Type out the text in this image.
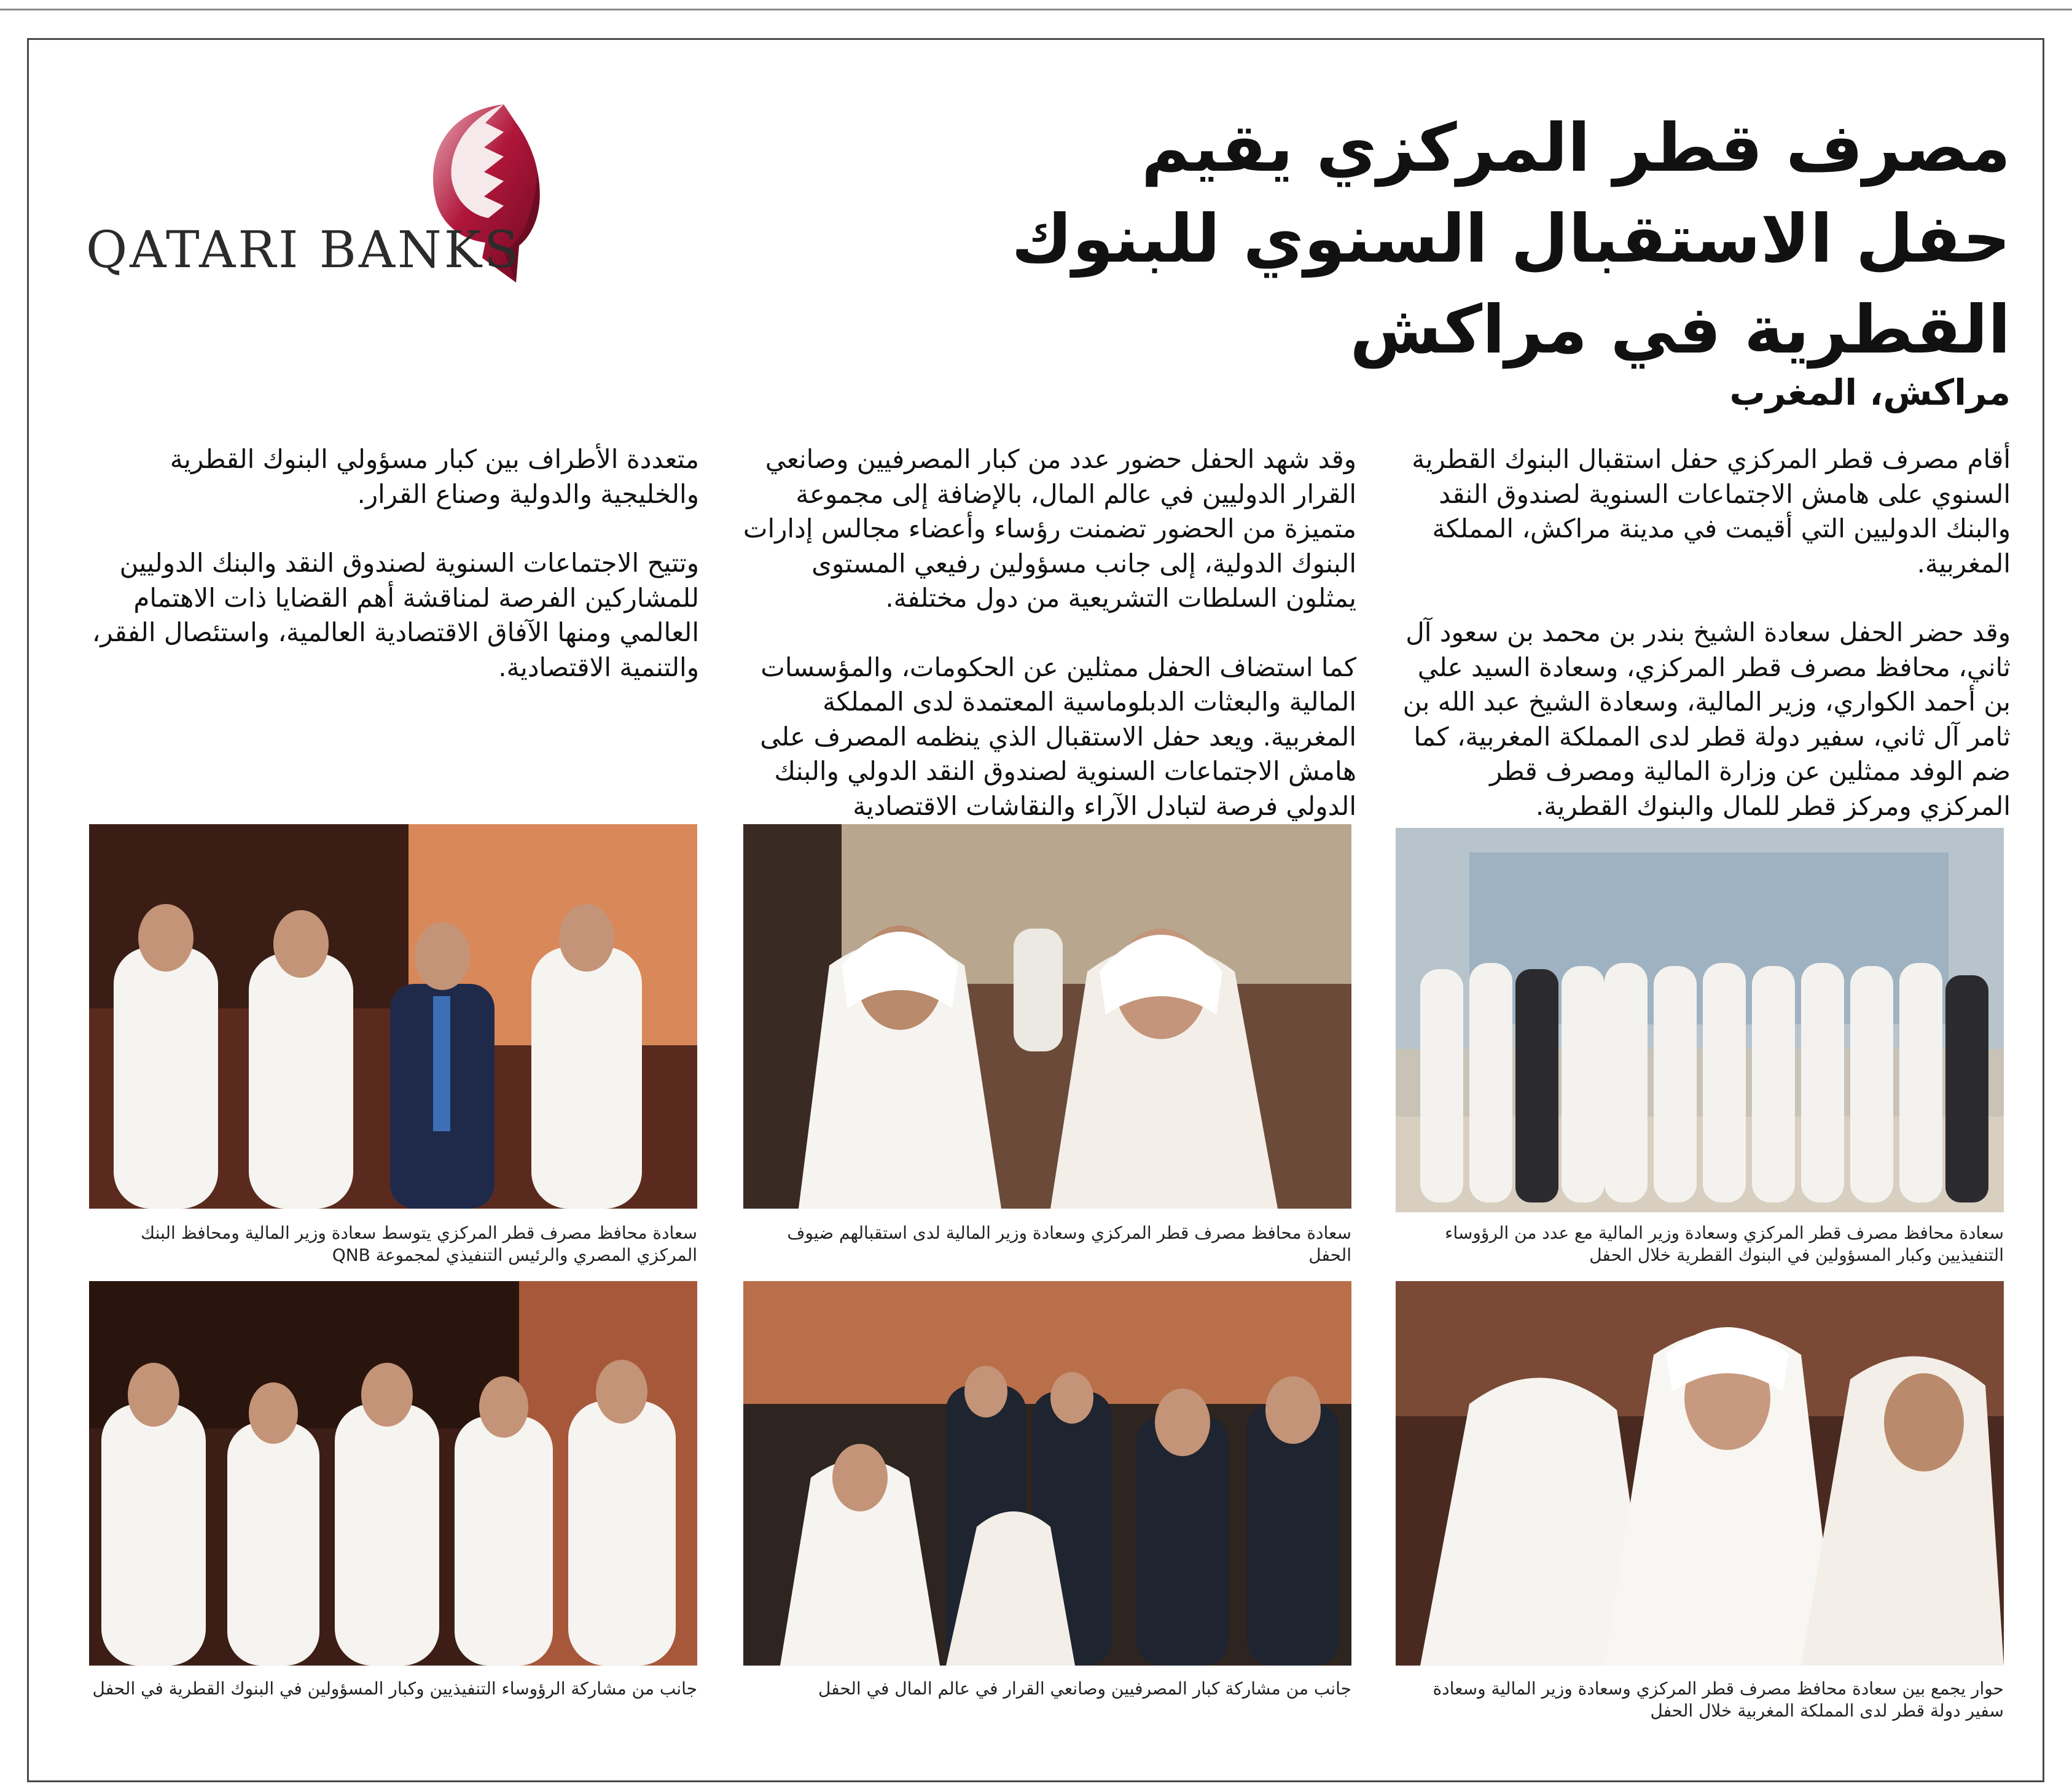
QATARI BANKS
مصرف قطر المركزي يقيم
حفل الاستقبال السنوي للبنوك
القطرية في مراكش
مراكش، المغرب

أقام مصرف قطر المركزي حفل استقبال البنوك القطرية السنوي على هامش الاجتماعات السنوية لصندوق النقد والبنك الدوليين التي أقيمت في مدينة مراكش، المملكة المغربية.

وقد حضر الحفل سعادة الشيخ بندر بن محمد بن سعود آل ثاني، محافظ مصرف قطر المركزي، وسعادة السيد علي بن أحمد الكواري، وزير المالية، وسعادة الشيخ عبد الله بن ثامر آل ثاني، سفير دولة قطر لدى المملكة المغربية، كما ضم الوفد ممثلين عن وزارة المالية ومصرف قطر المركزي ومركز قطر للمال والبنوك القطرية.

وقد شهد الحفل حضور عدد من كبار المصرفيين وصانعي القرار الدوليين في عالم المال، بالإضافة إلى مجموعة متميزة من الحضور تضمنت رؤساء وأعضاء مجالس إدارات البنوك الدولية، إلى جانب مسؤولين رفيعي المستوى يمثلون السلطات التشريعية من دول مختلفة.

كما استضاف الحفل ممثلين عن الحكومات، والمؤسسات المالية والبعثات الدبلوماسية المعتمدة لدى المملكة المغربية. ويعد حفل الاستقبال الذي ينظمه المصرف على هامش الاجتماعات السنوية لصندوق النقد الدولي والبنك الدولي فرصة لتبادل الآراء والنقاشات الاقتصادية

متعددة الأطراف بين كبار مسؤولي البنوك القطرية والخليجية والدولية وصناع القرار.

وتتيح الاجتماعات السنوية لصندوق النقد والبنك الدوليين للمشاركين الفرصة لمناقشة أهم القضايا ذات الاهتمام العالمي ومنها الآفاق الاقتصادية العالمية، واستئصال الفقر، والتنمية الاقتصادية.

سعادة محافظ مصرف قطر المركزي وسعادة وزير المالية مع عدد من الرؤوساء التنفيذيين وكبار المسؤولين في البنوك القطرية خلال الحفل
سعادة محافظ مصرف قطر المركزي وسعادة وزير المالية لدى استقبالهم ضيوف الحفل
سعادة محافظ مصرف قطر المركزي يتوسط سعادة وزير المالية ومحافظ البنك المركزي المصري والرئيس التنفيذي لمجموعة QNB
حوار يجمع بين سعادة محافظ مصرف قطر المركزي وسعادة وزير المالية وسعادة سفير دولة قطر لدى المملكة المغربية خلال الحفل
جانب من مشاركة كبار المصرفيين وصانعي القرار في عالم المال في الحفل
جانب من مشاركة الرؤوساء التنفيذيين وكبار المسؤولين في البنوك القطرية في الحفل
